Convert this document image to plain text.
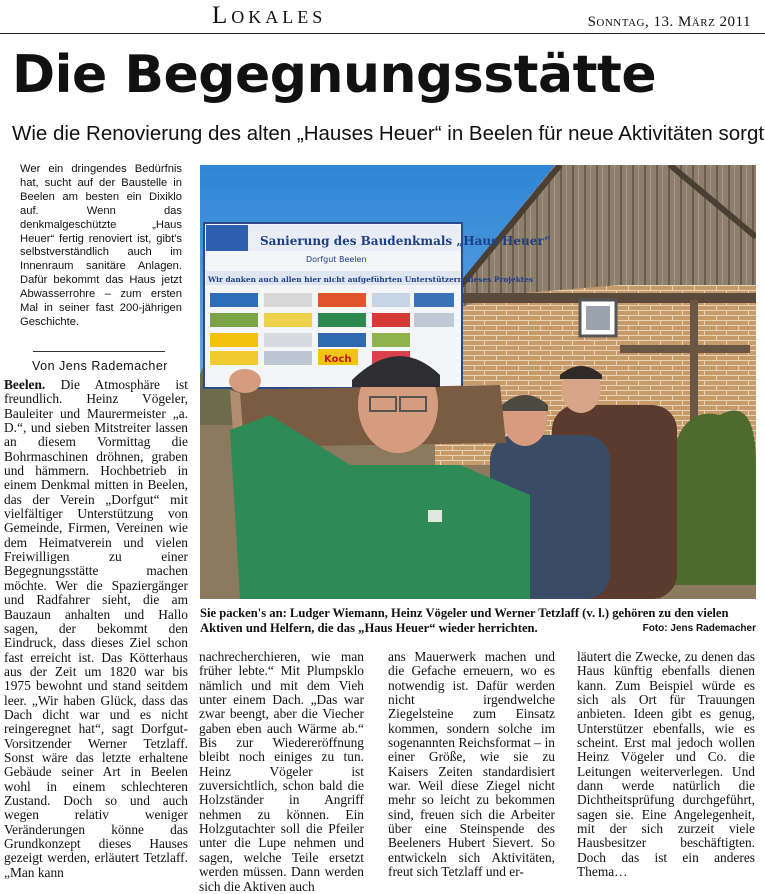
Lokales	Sonntag, 13. März 2011
Die Begegnungsstätte
Wie die Renovierung des alten „Hauses Heuer“ in Beelen für neue Aktivitäten sorgt
Wer ein dringendes Bedürfnis hat, sucht auf der Baustelle in Beelen am besten ein Dixiklo auf. Wenn das denkmalgeschützte „Haus Heuer“ fertig renoviert ist, gibt's selbstverständlich auch im Innenraum sanitäre Anlagen. Dafür bekommt das Haus jetzt Abwasserrohre – zum ersten Mal in seiner fast 200-jährigen Geschichte.
Von Jens Rademacher
Beelen. Die Atmosphäre ist freundlich. Heinz Vögeler, Bauleiter und Maurermeister „a. D.“, und sieben Mitstreiter lassen an diesem Vormittag die Bohrmaschinen dröhnen, graben und hämmern. Hochbetrieb in einem Denkmal mitten in Beelen, das der Verein „Dorfgut“ mit vielfältiger Unterstützung von Gemeinde, Firmen, Vereinen wie dem Heimatverein und vielen Freiwilligen zu einer Begegnungsstätte machen möchte. Wer die Spaziergänger und Radfahrer sieht, die am Bauzaun anhalten und Hallo sagen, der bekommt den Eindruck, dass dieses Ziel schon fast erreicht ist. Das Kötterhaus aus der Zeit um 1820 war bis 1975 bewohnt und stand seitdem leer. „Wir haben Glück, dass das Dach dicht war und es nicht reingeregnet hat“, sagt Dorfgut-Vorsitzender Werner Tetzlaff. Sonst wäre das letzte erhaltene Gebäude seiner Art in Beelen wohl in einem schlechteren Zustand. Doch so und auch wegen relativ weniger Veränderungen könne das Grundkonzept dieses Hauses gezeigt werden, erläutert Tetzlaff. „Man kann
Sanierung des Baudenkmals „Haus Heuer“
Dorfgut Beelen
Wir danken auch allen hier nicht aufgeführten Unterstützern dieses Projektes
Koch
Sie packen's an: Ludger Wiemann, Heinz Vögeler und Werner Tetzlaff (v. l.) gehören zu den vielen Aktiven und Helfern, die das „Haus Heuer“ wieder herrichten.	Foto: Jens Rademacher
nachrecherchieren, wie man früher lebte.“ Mit Plumpsklo nämlich und mit dem Vieh unter einem Dach. „Das war zwar beengt, aber die Viecher gaben eben auch Wärme ab.“ Bis zur Wiedereröffnung bleibt noch einiges zu tun. Heinz Vögeler ist zuversichtlich, schon bald die Holzständer in Angriff nehmen zu können. Ein Holzgutachter soll die Pfeiler unter die Lupe nehmen und sagen, welche Teile ersetzt werden müssen. Dann werden sich die Aktiven auch
ans Mauerwerk machen und die Gefache erneuern, wo es notwendig ist. Dafür werden nicht irgendwelche Ziegelsteine zum Einsatz kommen, sondern solche im sogenannten Reichsformat – in einer Größe, wie sie zu Kaisers Zeiten standardisiert war. Weil diese Ziegel nicht mehr so leicht zu bekommen sind, freuen sich die Arbeiter über eine Steinspende des Beeleners Hubert Sievert. So entwickeln sich Aktivitäten, freut sich Tetzlaff und er-
läutert die Zwecke, zu denen das Haus künftig ebenfalls dienen kann. Zum Beispiel würde es sich als Ort für Trauungen anbieten. Ideen gibt es genug, Unterstützer ebenfalls, wie es scheint. Erst mal jedoch wollen Heinz Vögeler und Co. die Leitungen weiterverlegen. Und dann werde natürlich die Dichtheitsprüfung durchgeführt, sagen sie. Eine Angelegenheit, mit der sich zurzeit viele Hausbesitzer beschäftigten. Doch das ist ein anderes Thema…
